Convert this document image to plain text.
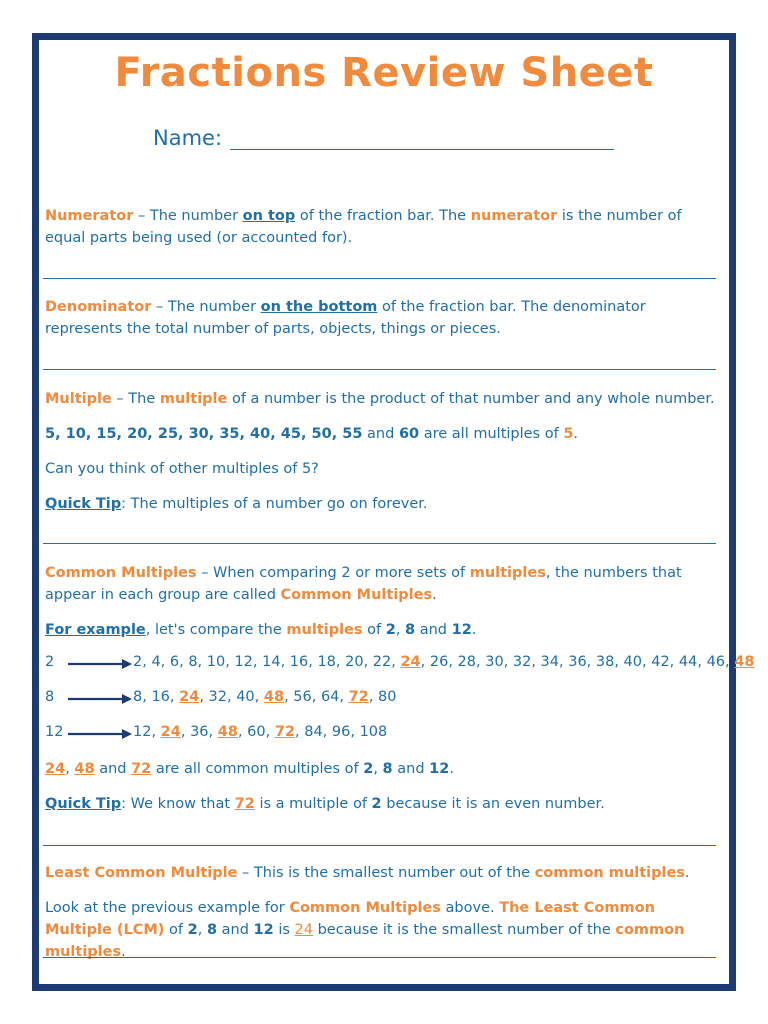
Fractions Review Sheet
Name:
Numerator – The number on top of the fraction bar. The numerator is the number of equal parts being used (or accounted for).
Denominator – The number on the bottom of the fraction bar. The denominator represents the total number of parts, objects, things or pieces.
Multiple – The multiple of a number is the product of that number and any whole number.
5, 10, 15, 20, 25, 30, 35, 40, 45, 50, 55 and 60 are all multiples of 5.
Can you think of other multiples of 5?
Quick Tip: The multiples of a number go on forever.
Common Multiples – When comparing 2 or more sets of multiples, the numbers that appear in each group are called Common Multiples.
For example, let's compare the multiples of 2, 8 and 12.
2	2, 4, 6, 8, 10, 12, 14, 16, 18, 20, 22, 24, 26, 28, 30, 32, 34, 36, 38, 40, 42, 44, 46, 48
8	8, 16, 24, 32, 40, 48, 56, 64, 72, 80
12	12, 24, 36, 48, 60, 72, 84, 96, 108
24, 48 and 72 are all common multiples of 2, 8 and 12.
Quick Tip: We know that 72 is a multiple of 2 because it is an even number.
Least Common Multiple – This is the smallest number out of the common multiples.
Look at the previous example for Common Multiples above. The Least Common Multiple (LCM) of 2, 8 and 12 is 24 because it is the smallest number of the common multiples.
